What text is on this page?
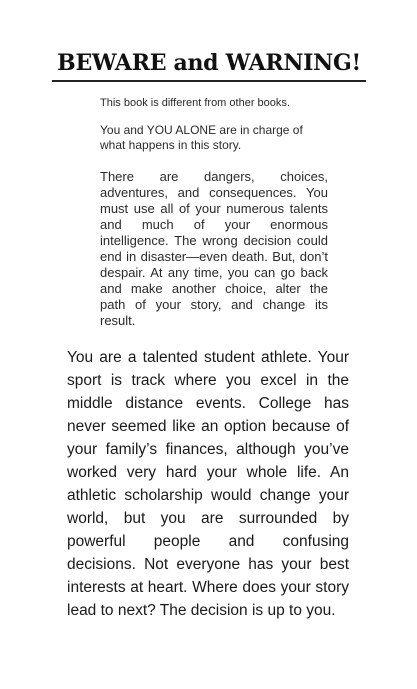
BEWARE and WARNING!

This book is different from other books.

You and YOU ALONE are in charge of what happens in this story.

There are dangers, choices, adventures, and consequences. You must use all of your numerous talents and much of your enormous intelligence. The wrong decision could end in disaster—even death. But, don’t despair. At any time, you can go back and make another choice, alter the path of your story, and change its result.

You are a talented student athlete. Your sport is track where you excel in the middle distance events. College has never seemed like an option because of your family’s finances, although you’ve worked very hard your whole life. An athletic scholarship would change your world, but you are surrounded by powerful people and confusing decisions. Not everyone has your best interests at heart. Where does your story lead to next? The decision is up to you.
